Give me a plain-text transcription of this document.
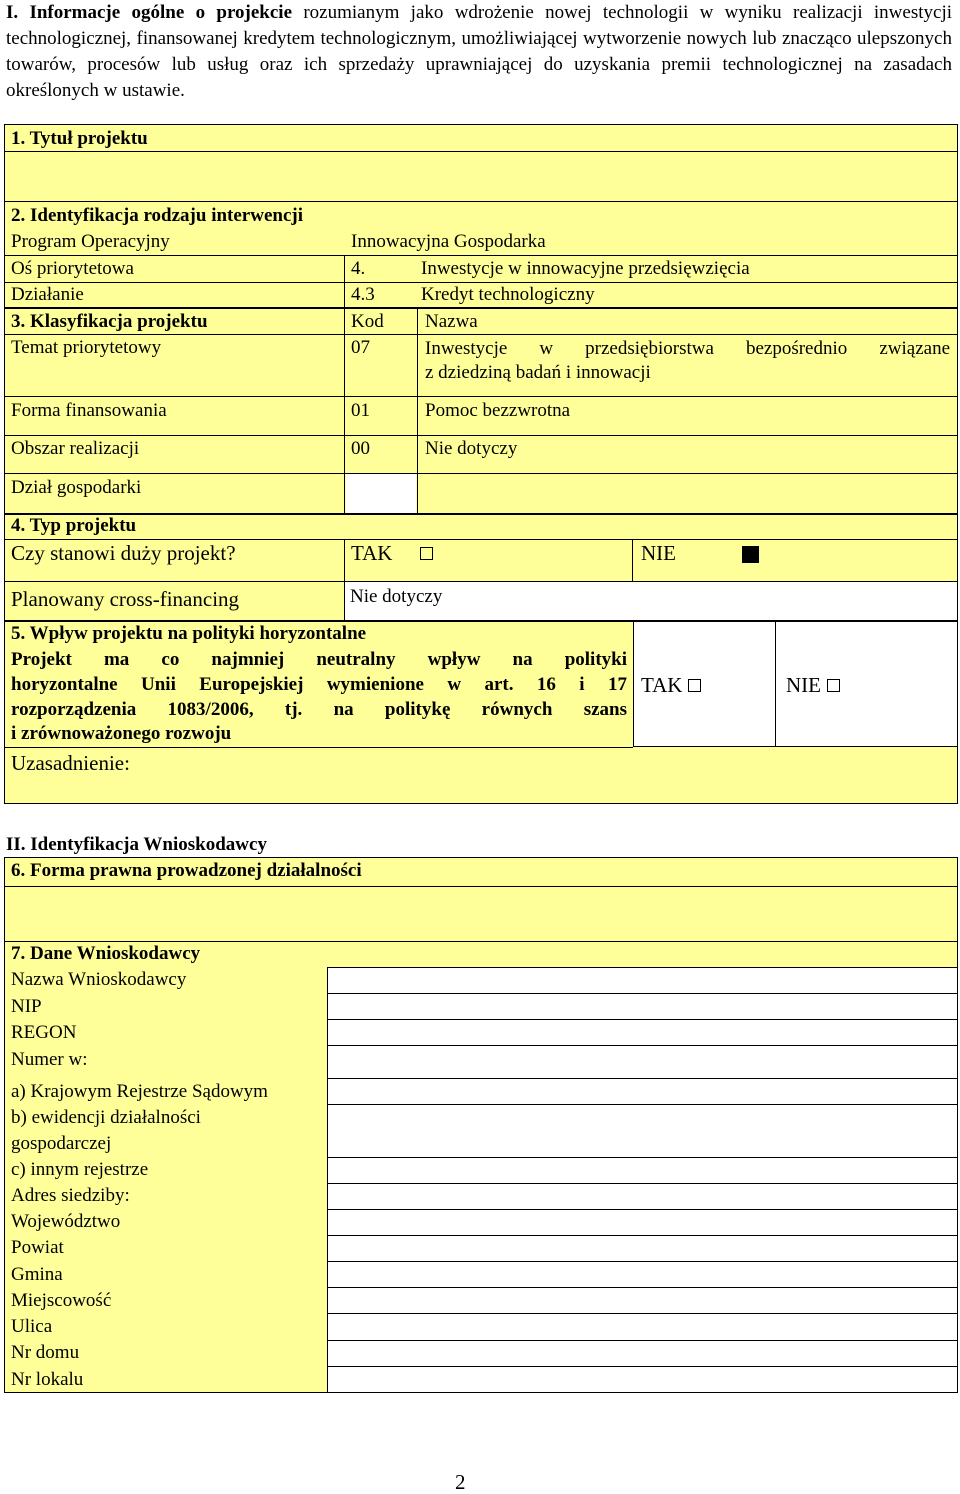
I. Informacje ogólne o projekcie rozumianym jako wdrożenie nowej technologii w wyniku realizacji inwestycji technologicznej, finansowanej kredytem technologicznym, umożliwiającej wytworzenie nowych lub znacząco ulepszonych towarów, procesów lub usług oraz ich sprzedaży uprawniającej do uzyskania premii technologicznej na zasadach określonych w ustawie.
1. Tytuł projektu
2. Identyfikacja rodzaju interwencji
Program Operacyjny	Innowacyjna Gospodarka
Oś priorytetowa	4.	Inwestycje w innowacyjne przedsięwzięcia
Działanie	4.3 Kredyt technologiczny
3. Klasyfikacja projektu	Kod Nazwa
Temat priorytetowy	07	Inwestycje w przedsiębiorstwa bezpośrednio związane
z dziedziną badań i innowacji
Forma finansowania	01	Pomoc bezzwrotna
Obszar realizacji	00	Nie dotyczy
Dział gospodarki
4. Typ projektu
Czy stanowi duży projekt?	TAK	NIE
Planowany cross-financing	Nie dotyczy
5. Wpływ projektu na polityki horyzontalne
Projekt ma co najmniej neutralny wpływ na polityki
horyzontalne Unii Europejskiej wymienione w art. 16 i 17
rozporządzenia 1083/2006, tj. na politykę równych szans
i zrównoważonego rozwoju
TAK	NIE
Uzasadnienie:
II. Identyfikacja Wnioskodawcy
6. Forma prawna prowadzonej działalności
7. Dane Wnioskodawcy
Nazwa Wnioskodawcy
NIP
REGON
Numer w:
a) Krajowym Rejestrze Sądowym
b) ewidencji działalności
gospodarczej
c) innym rejestrze
Adres siedziby:
Województwo
Powiat
Gmina
Miejscowość
Ulica
Nr domu
Nr lokalu
2
